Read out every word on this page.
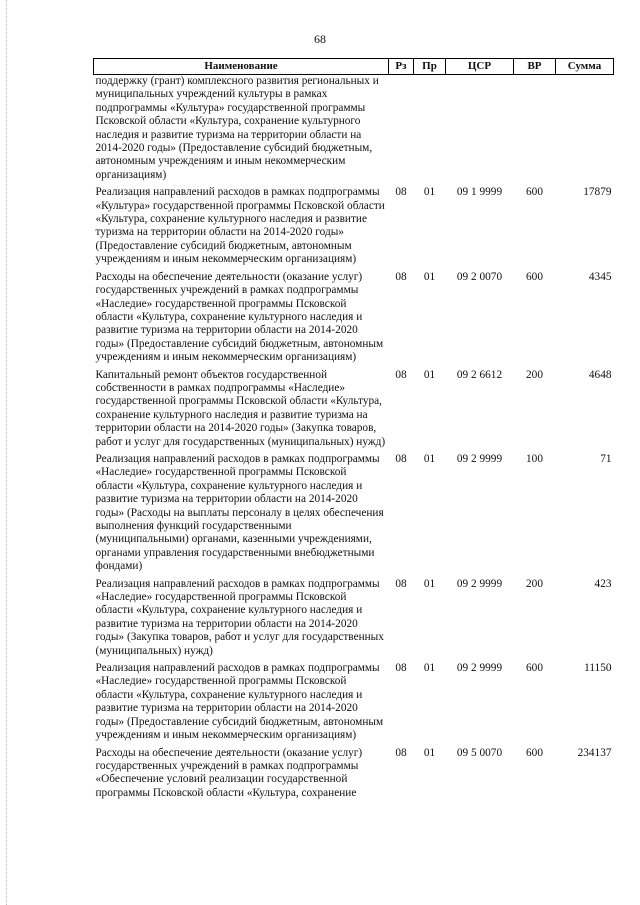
68
Наименование	Рз	Пр	ЦСР	ВР	Сумма
поддержку (грант) комплексного развития региональных и муниципальных учреждений культуры в рамках подпрограммы «Культура» государственной программы Псковской области «Культура, сохранение культурного наследия и развитие туризма на территории области на 2014-2020 годы» (Предоставление субсидий бюджетным, автономным учреждениям и иным некоммерческим организациям)					
Реализация направлений расходов в рамках подпрограммы «Культура» государственной программы Псковской области «Культура, сохранение культурного наследия и развитие туризма на территории области на 2014-2020 годы» (Предоставление субсидий бюджетным, автономным учреждениям и иным некоммерческим организациям)	08	01	09 1 9999	600	17879
Расходы на обеспечение деятельности (оказание услуг) государственных учреждений в рамках подпрограммы «Наследие» государственной программы Псковской области «Культура, сохранение культурного наследия и развитие туризма на территории области на 2014-2020 годы» (Предоставление субсидий бюджетным, автономным учреждениям и иным некоммерческим организациям)	08	01	09 2 0070	600	4345
Капитальный ремонт объектов государственной собственности в рамках подпрограммы «Наследие» государственной программы Псковской области «Культура, сохранение культурного наследия и развитие туризма на территории области на 2014-2020 годы» (Закупка товаров, работ и услуг для государственных (муниципальных) нужд)	08	01	09 2 6612	200	4648
Реализация направлений расходов в рамках подпрограммы «Наследие» государственной программы Псковской области «Культура, сохранение культурного наследия и развитие туризма на территории области на 2014-2020 годы» (Расходы на выплаты персоналу в целях обеспечения выполнения функций государственными (муниципальными) органами, казенными учреждениями, органами управления государственными внебюджетными фондами)	08	01	09 2 9999	100	71
Реализация направлений расходов в рамках подпрограммы «Наследие» государственной программы Псковской области «Культура, сохранение культурного наследия и развитие туризма на территории области на 2014-2020 годы» (Закупка товаров, работ и услуг для государственных (муниципальных) нужд)	08	01	09 2 9999	200	423
Реализация направлений расходов в рамках подпрограммы «Наследие» государственной программы Псковской области «Культура, сохранение культурного наследия и развитие туризма на территории области на 2014-2020 годы» (Предоставление субсидий бюджетным, автономным учреждениям и иным некоммерческим организациям)	08	01	09 2 9999	600	11150
Расходы на обеспечение деятельности (оказание услуг) государственных учреждений в рамках подпрограммы «Обеспечение условий реализации государственной программы Псковской области «Культура, сохранение	08	01	09 5 0070	600	234137
